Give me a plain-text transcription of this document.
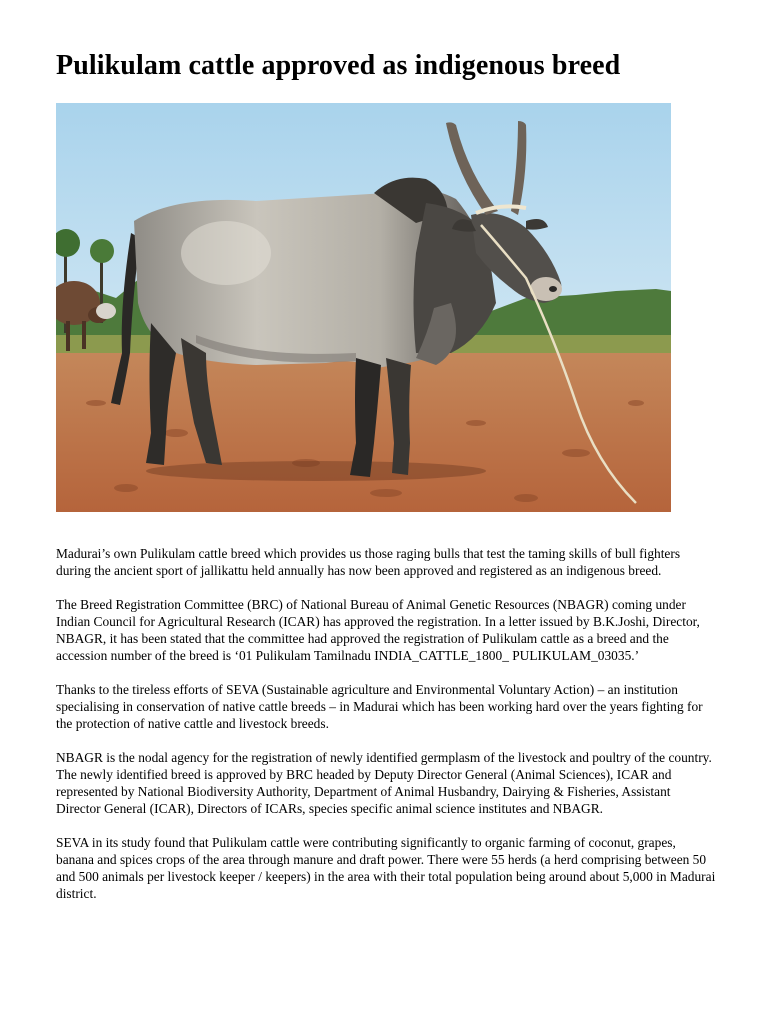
Pulikulam cattle approved as indigenous breed

Madurai’s own Pulikulam cattle breed which provides us those raging bulls that test the taming skills of bull fighters during the ancient sport of jallikattu held annually has now been approved and registered as an indigenous breed.

The Breed Registration Committee (BRC) of National Bureau of Animal Genetic Resources (NBAGR) coming under Indian Council for Agricultural Research (ICAR) has approved the registration. In a letter issued by B.K.Joshi, Director, NBAGR, it has been stated that the committee had approved the registration of Pulikulam cattle as a breed and the accession number of the breed is ‘01 Pulikulam Tamilnadu INDIA_CATTLE_1800_ PULIKULAM_03035.’

Thanks to the tireless efforts of SEVA (Sustainable agriculture and Environmental Voluntary Action) – an institution specialising in conservation of native cattle breeds – in Madurai which has been working hard over the years fighting for the protection of native cattle and livestock breeds.

NBAGR is the nodal agency for the registration of newly identified germplasm of the livestock and poultry of the country. The newly identified breed is approved by BRC headed by Deputy Director General (Animal Sciences), ICAR and represented by National Biodiversity Authority, Department of Animal Husbandry, Dairying & Fisheries, Assistant Director General (ICAR), Directors of ICARs, species specific animal science institutes and NBAGR.

SEVA in its study found that Pulikulam cattle were contributing significantly to organic farming of coconut, grapes, banana and spices crops of the area through manure and draft power. There were 55 herds (a herd comprising between 50 and 500 animals per livestock keeper / keepers) in the area with their total population being around about 5,000 in Madurai district.
